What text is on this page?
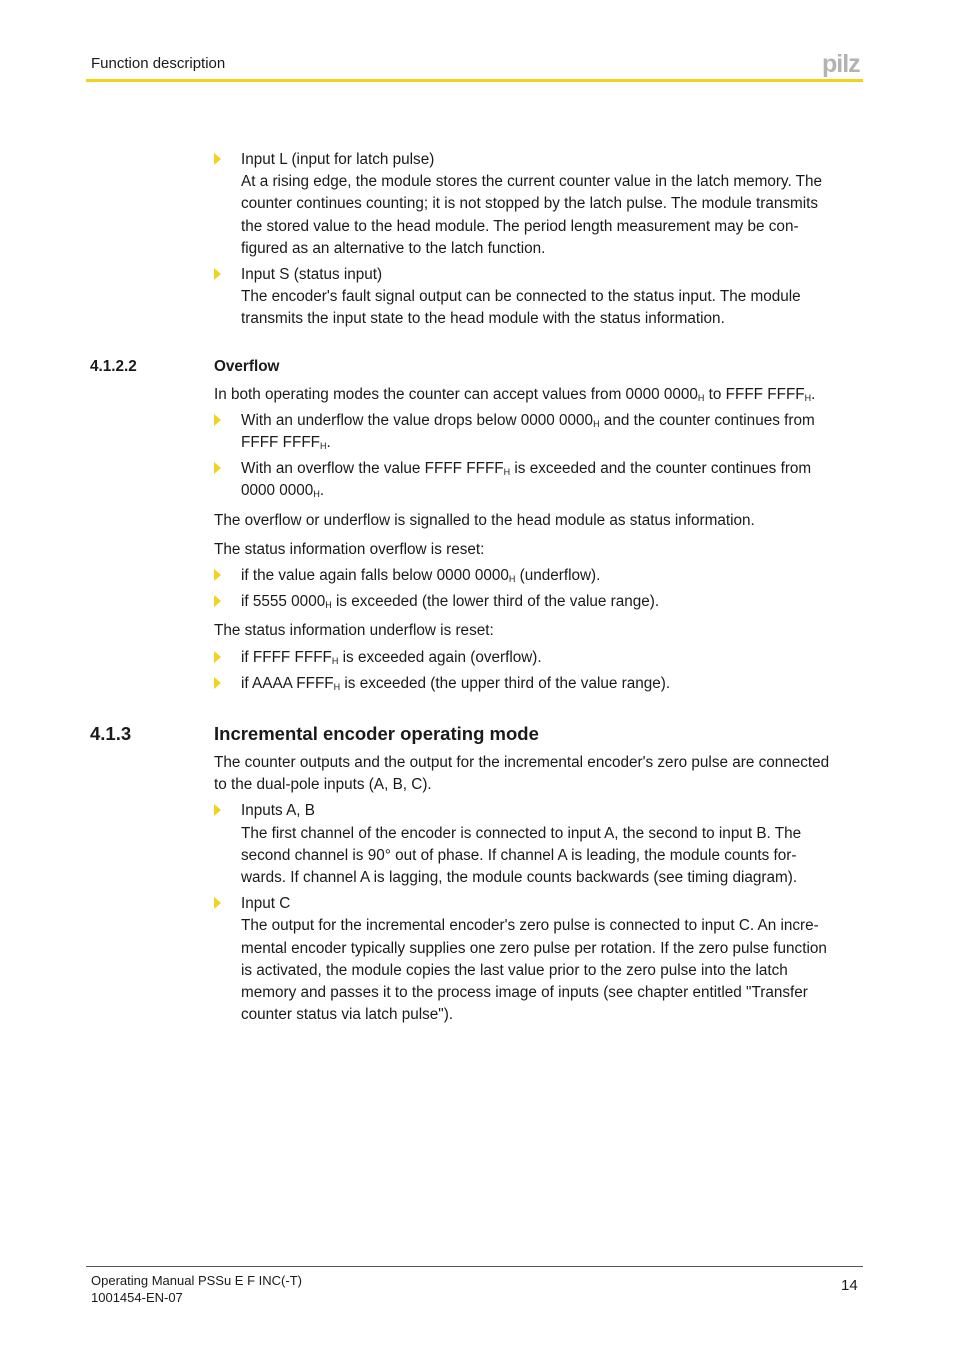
Function description	pilz

Input L (input for latch pulse)

At a rising edge, the module stores the current counter value in the latch memory. The

counter continues counting; it is not stopped by the latch pulse. The module transmits

the stored value to the head module. The period length measurement may be con-

figured as an alternative to the latch function.

Input S (status input)

The encoder's fault signal output can be connected to the status input. The module

transmits the input state to the head module with the status information.

4.1.2.2	Overflow

In both operating modes the counter can accept values from 0000 $0000_H$ to FFFF $FFFF_H$.

With an underflow the value drops below 0000 $0000_H$ and the counter continues from

FFFF $FFFF_H$.

With an overflow the value FFFF $FFFF_H$ is exceeded and the counter continues from

0000 $0000_H$.

The overflow or underflow is signalled to the head module as status information.

The status information overflow is reset:

if the value again falls below 0000 $0000_H$ (underflow).

if 5555 $0000_H$ is exceeded (the lower third of the value range).

The status information underflow is reset:

if FFFF $FFFF_H$ is exceeded again (overflow).

if AAAA $FFFF_H$ is exceeded (the upper third of the value range).

4.1.3	Incremental encoder operating mode

The counter outputs and the output for the incremental encoder's zero pulse are connected

to the dual-pole inputs (A, B, C).

Inputs A, B

The first channel of the encoder is connected to input A, the second to input B. The

second channel is 90° out of phase. If channel A is leading, the module counts for-

wards. If channel A is lagging, the module counts backwards (see timing diagram).

Input C

The output for the incremental encoder's zero pulse is connected to input C. An incre-

mental encoder typically supplies one zero pulse per rotation. If the zero pulse function

is activated, the module copies the last value prior to the zero pulse into the latch

memory and passes it to the process image of inputs (see chapter entitled "Transfer

counter status via latch pulse").

Operating Manual PSSu E F INC(-T)
1001454-EN-07
14
